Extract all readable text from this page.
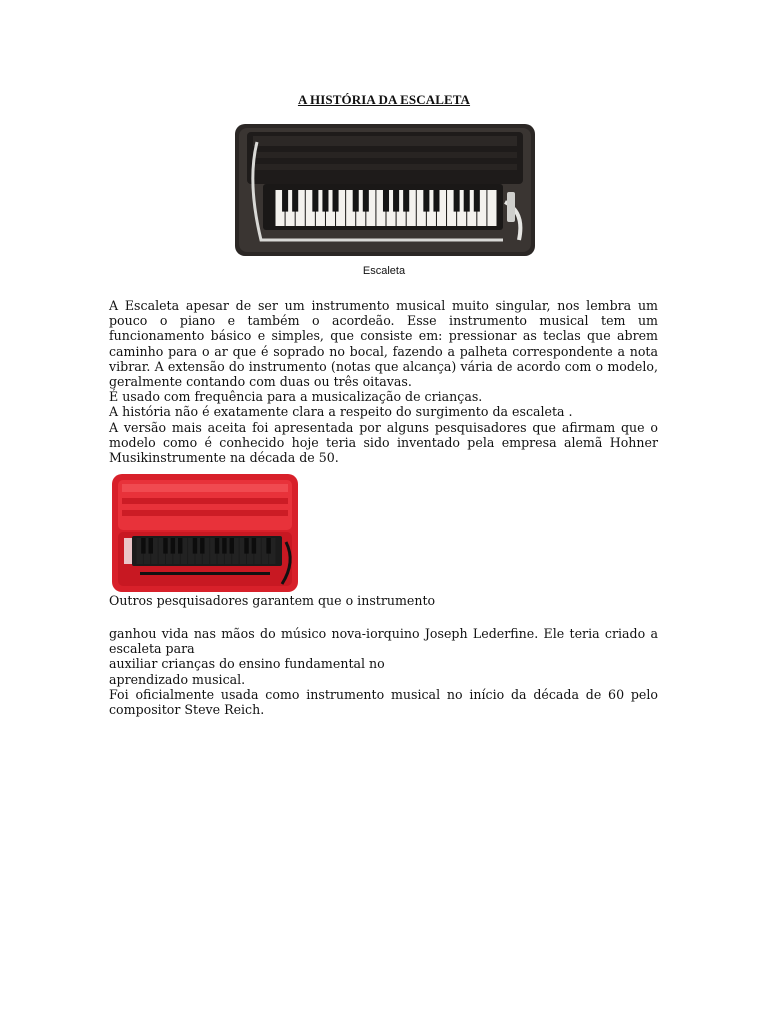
A HISTÓRIA DA ESCALETA
Escaleta

A Escaleta apesar de ser um instrumento musical muito singular, nos lembra um pouco o piano e também o acordeão. Esse instrumento musical tem um funcionamento básico e simples, que consiste em: pressionar as teclas que abrem caminho para o ar que é soprado no bocal, fazendo a palheta correspondente a nota vibrar. A extensão do instrumento (notas que alcança) vária de acordo com o modelo, geralmente contando com duas ou três oitavas.

É usado com frequência para a musicalização de crianças.

A história não é exatamente clara a respeito do surgimento da escaleta .

A versão mais aceita foi apresentada por alguns pesquisadores que afirmam que o modelo como é conhecido hoje teria sido inventado pela empresa alemã Hohner Musikinstrumente na década de 50.

Outros pesquisadores garantem que o instrumento

ganhou vida nas mãos do músico nova-iorquino Joseph Lederfine. Ele teria criado a escaleta para

auxiliar crianças do ensino fundamental no

aprendizado musical.

Foi oficialmente usada como instrumento musical no início da década de 60 pelo compositor Steve Reich.
